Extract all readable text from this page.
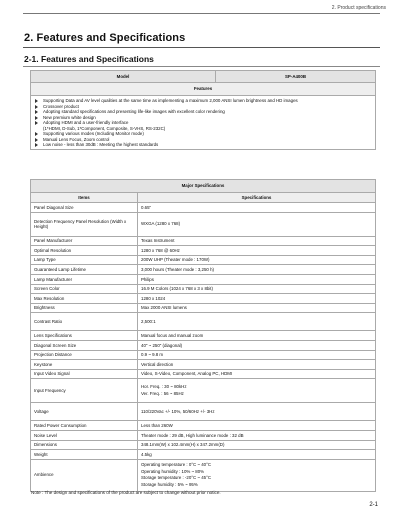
2. Product specifications
2. Features and Specifications
2-1. Features and Specifications
Model	SP-A400B
Features

Supporting Data and AV level qualities at the same time as implementing a maximum 2,000 ANSI lumen brightness and HD images

Crossover product

Adopting standard specifications and presenting life-like images with excellent color rendering

New premium white design

Adopting HDMI and a user-friendly interface

(1*HDMI, D-Sub, 1*Component, Composite, S-VHS, RS-232C)

Supporting various modes (Including Monitor mode)

Manual Lens Focus, Zoom control

Low noise - less than 30dB : Meeting the highest standards

Major Specifications	
Items	Specifications
Panel Diagonal Size	0.65"
Detection Frequency Panel Resolution (Width x Height)	WXGA (1280 x 768)
Panel Manufacturer	Texas Instrument
Optimal Resolution	1280 x 768 @ 60Hz
Lamp Type	200W UHP (Theater mode : 170W)
Guaranteed Lamp Lifetime	3,000 hours (Theater mode : 3,250 h)
Lamp Manufacturer	Philips
Screen Color	16.9 M Colors (1024 x 768 x 3 x 8bit)
Max Resolution	1280 x 1024
Brightness	Max 2000 ANSI lumens
Contrast Ratio	2,500:1
Lens Specifications	Manual focus and manual zoom
Diagonal Screen Size	40" ~ 250" (diagonal)
Projection Distance	0.9 ~ 9.8 m
Keystone	Vertical direction
Input Video Signal	Video, S-Video, Component, Analog PC, HDMI
Input Frequency	Hor. Freq. : 30 ~ 80kHz
Ver. Freq. : 56 ~ 85Hz

Voltage	110/220Vac +/- 10%, 50/60Hz +/- 3Hz
Rated Power Consumption	Less than 260W
Noise Level	Theater mode : 29 dB, High luminance mode : 32 dB
Dimensions	348.1mm(W) x 102.4mm(H) x 347.2mm(D)
Weight	4.5kg
Ambience	Operating temperature : 0°C ~ 40°C
Operating humidity : 10% ~ 80%
Storage temperature : -20°C ~ 45°C
Storage humidity : 5% ~ 95%
Note : The design and specifications of the product are subject to change without prior notice.
2-1
